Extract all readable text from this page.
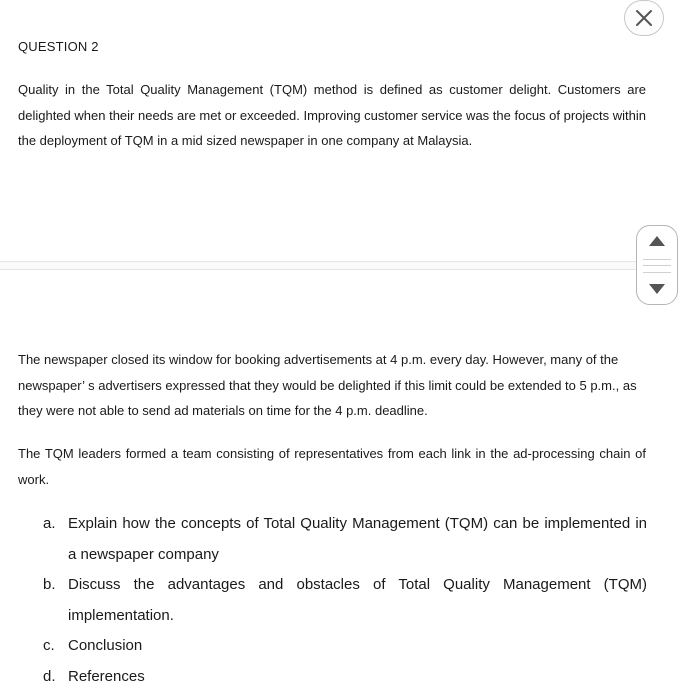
QUESTION 2

Quality in the Total Quality Management (TQM) method is defined as customer delight. Customers are delighted when their needs are met or exceeded. Improving customer service was the focus of projects within the deployment of TQM in a mid sized newspaper in one company at Malaysia.

The newspaper closed its window for booking advertisements at 4 p.m. every day. However, many of the newspaper’ s advertisers expressed that they would be delighted if this limit could be extended to 5 p.m., as they were not able to send ad materials on time for the 4 p.m. deadline.

The TQM leaders formed a team consisting of representatives from each link in the ad-processing chain of work.

a. Explain how the concepts of Total Quality Management (TQM) can be implemented in a newspaper company
b. Discuss the advantages and obstacles of Total Quality Management (TQM) implementation.
c. Conclusion
d. References
